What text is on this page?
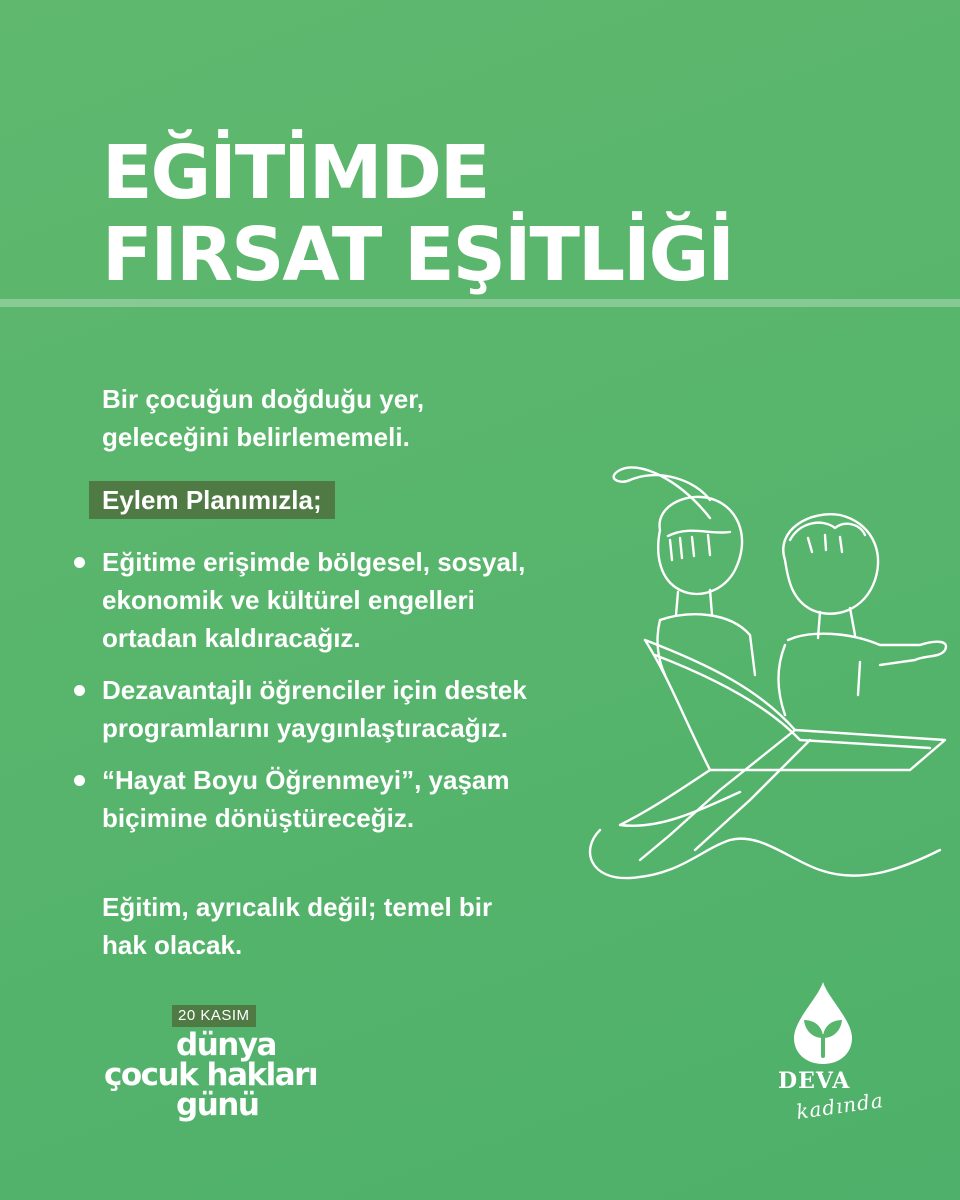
EĞİTİMDE
FIRSAT EŞİTLİĞİ
Bir çocuğun doğduğu yer,
geleceğini belirlememeli.
Eylem Planımızla;
Eğitime erişimde bölgesel, sosyal,
ekonomik ve kültürel engelleri
ortadan kaldıracağız.
Dezavantajlı öğrenciler için destek
programlarını yaygınlaştıracağız.
“Hayat Boyu Öğrenmeyi”, yaşam
biçimine dönüştüreceğiz.
Eğitim, ayrıcalık değil; temel bir
hak olacak.
20 KASIM
dünya
çocuk hakları
günü
DEVA
kadında
